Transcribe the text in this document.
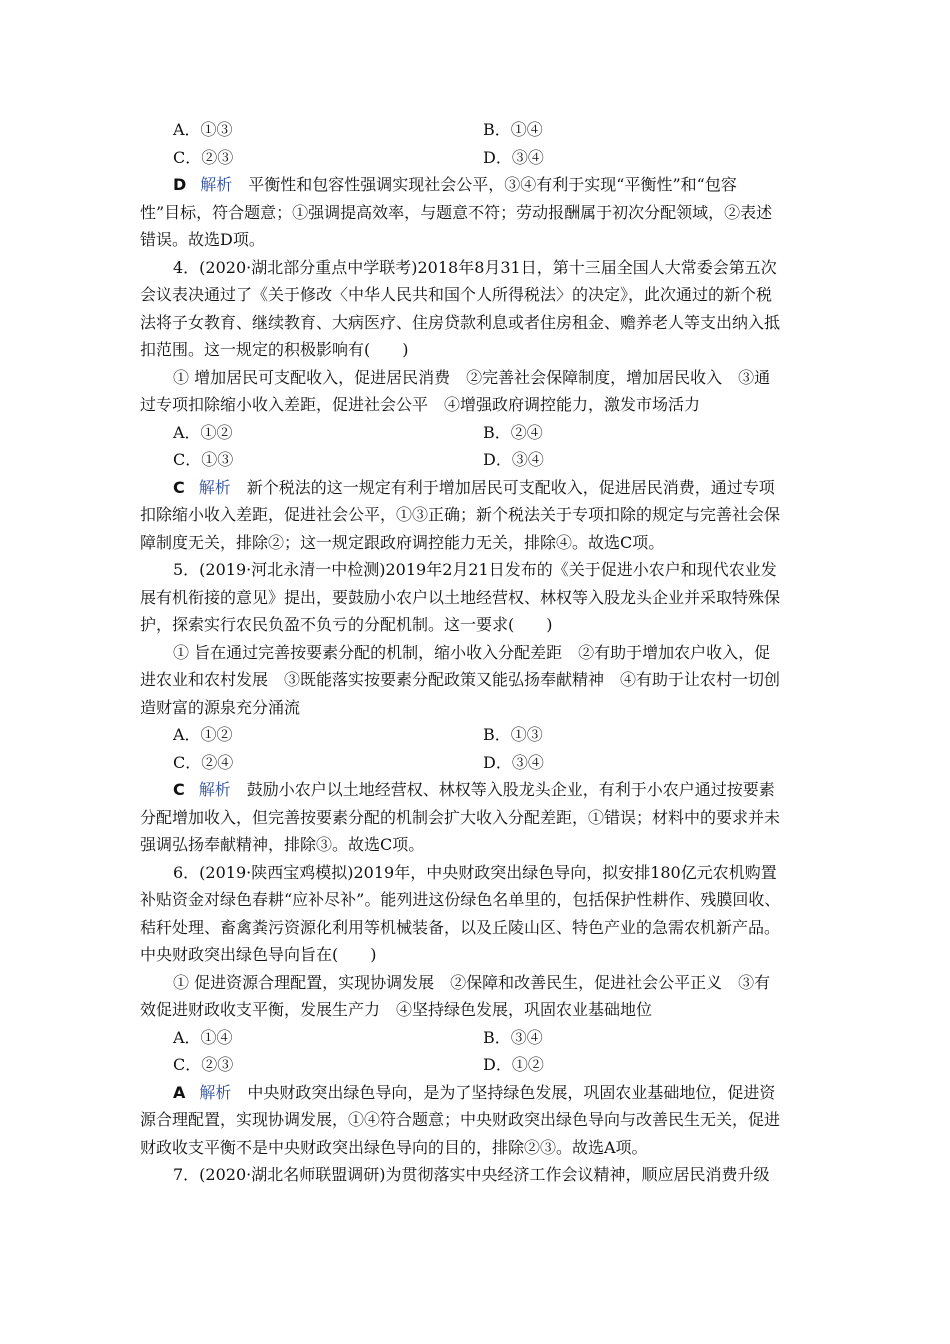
A．①③	B．①④
C．②③	D．③④
D 解析 平衡性和包容性强调实现社会公平，③④有利于实现“平衡性”和“包容
性”目标，符合题意；①强调提高效率，与题意不符；劳动报酬属于初次分配领域，②表述
错误。故选D项。
4．(2020·湖北部分重点中学联考)2018年8月31日，第十三届全国人大常委会第五次
会议表决通过了《关于修改〈中华人民共和国个人所得税法〉的决定》，此次通过的新个税
法将子女教育、继续教育、大病医疗、住房贷款利息或者住房租金、赡养老人等支出纳入抵
扣范围。这一规定的积极影响有(　　)
① 增加居民可支配收入，促进居民消费　②完善社会保障制度，增加居民收入　③通
过专项扣除缩小收入差距，促进社会公平　④增强政府调控能力，激发市场活力
A．①②	B．②④
C．①③	D．③④
C 解析 新个税法的这一规定有利于增加居民可支配收入，促进居民消费，通过专项
扣除缩小收入差距，促进社会公平，①③正确；新个税法关于专项扣除的规定与完善社会保
障制度无关，排除②；这一规定跟政府调控能力无关，排除④。故选C项。
5．(2019·河北永清一中检测)2019年2月21日发布的《关于促进小农户和现代农业发
展有机衔接的意见》提出，要鼓励小农户以土地经营权、林权等入股龙头企业并采取特殊保
护，探索实行农民负盈不负亏的分配机制。这一要求(　　)
① 旨在通过完善按要素分配的机制，缩小收入分配差距　②有助于增加农户收入，促
进农业和农村发展　③既能落实按要素分配政策又能弘扬奉献精神　④有助于让农村一切创
造财富的源泉充分涌流
A．①②	B．①③
C．②④	D．③④
C 解析 鼓励小农户以土地经营权、林权等入股龙头企业，有利于小农户通过按要素
分配增加收入，但完善按要素分配的机制会扩大收入分配差距，①错误；材料中的要求并未
强调弘扬奉献精神，排除③。故选C项。
6．(2019·陕西宝鸡模拟)2019年，中央财政突出绿色导向，拟安排180亿元农机购置
补贴资金对绿色春耕“应补尽补”。能列进这份绿色名单里的，包括保护性耕作、残膜回收、
秸秆处理、畜禽粪污资源化利用等机械装备，以及丘陵山区、特色产业的急需农机新产品。
中央财政突出绿色导向旨在(　　)
① 促进资源合理配置，实现协调发展　②保障和改善民生，促进社会公平正义　③有
效促进财政收支平衡，发展生产力　④坚持绿色发展，巩固农业基础地位
A．①④	B．③④
C．②③	D．①②
A 解析 中央财政突出绿色导向，是为了坚持绿色发展，巩固农业基础地位，促进资
源合理配置，实现协调发展，①④符合题意；中央财政突出绿色导向与改善民生无关，促进
财政收支平衡不是中央财政突出绿色导向的目的，排除②③。故选A项。
7．(2020·湖北名师联盟调研)为贯彻落实中央经济工作会议精神，顺应居民消费升级
